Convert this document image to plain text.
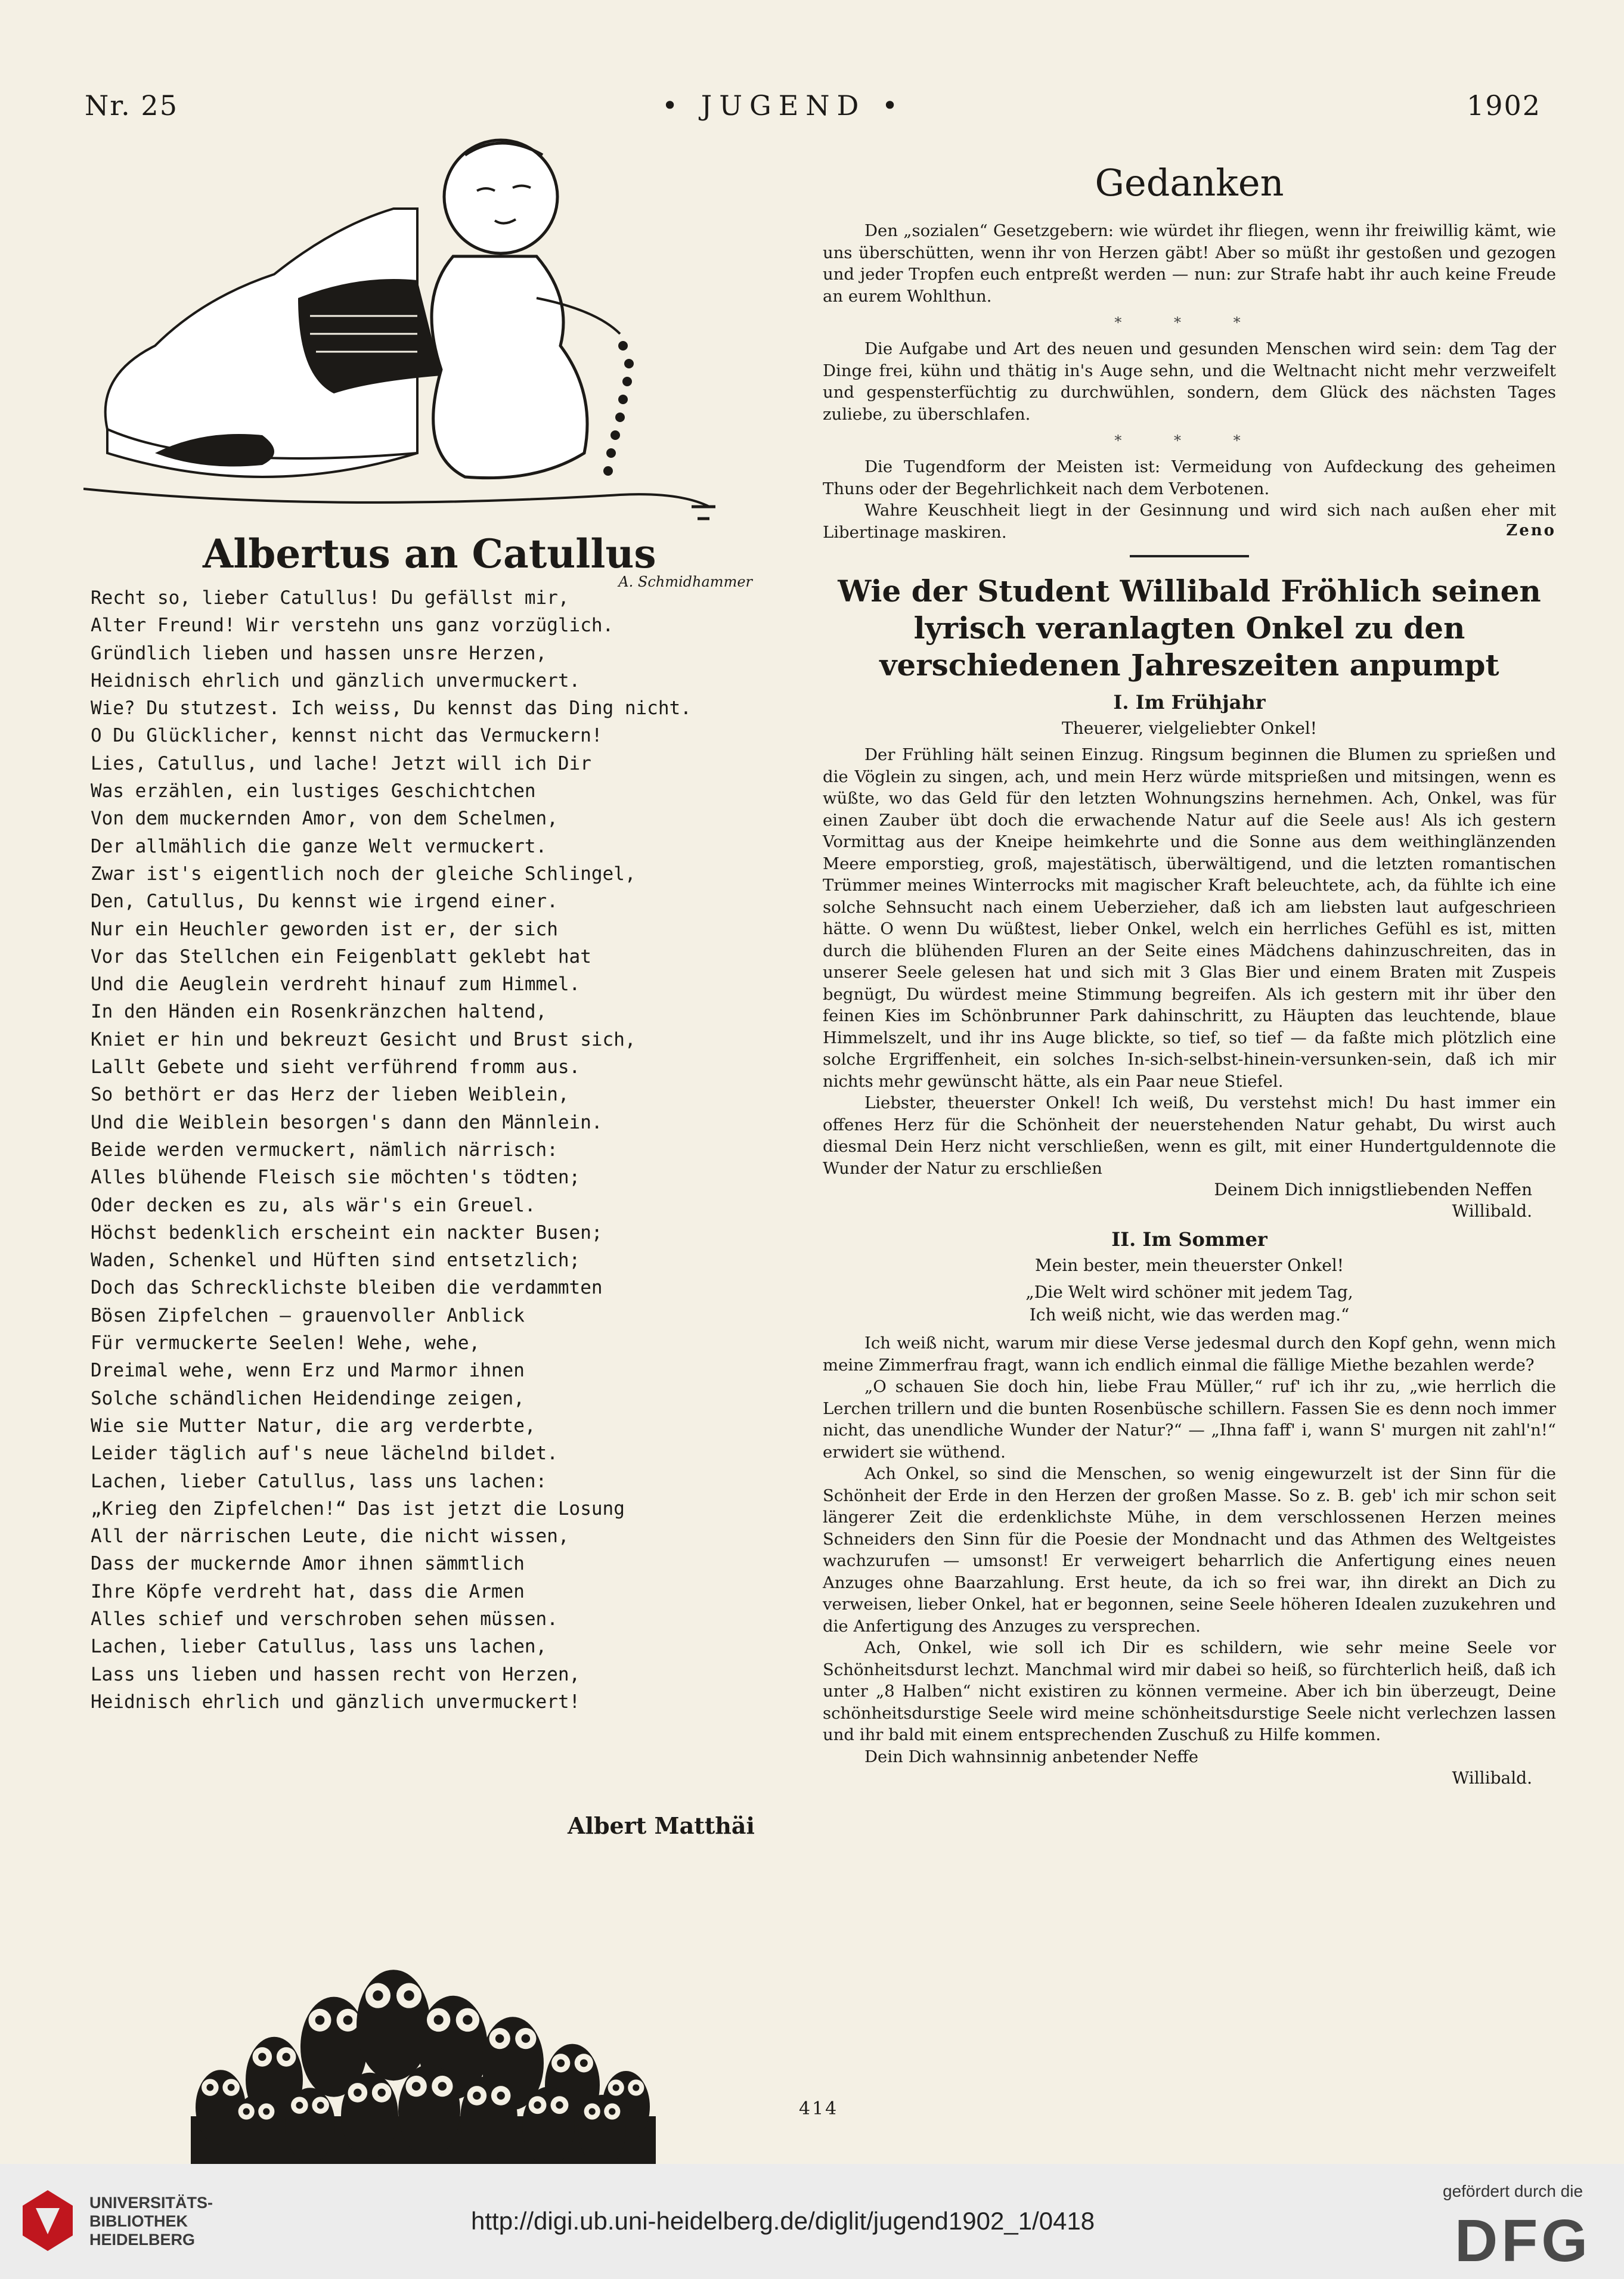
Nr. 25	• JUGEND •	1902
Albertus an Catullus
A. Schmidhammer
Recht so, lieber Catullus! Du gefällst mir,
Alter Freund! Wir verstehn uns ganz vorzüglich.
Gründlich lieben und hassen unsre Herzen,
Heidnisch ehrlich und gänzlich unvermuckert.
Wie? Du stutzest. Ich weiss, Du kennst das Ding nicht.
O Du Glücklicher, kennst nicht das Vermuckern!
Lies, Catullus, und lache! Jetzt will ich Dir
Was erzählen, ein lustiges Geschichtchen
Von dem muckernden Amor, von dem Schelmen,
Der allmählich die ganze Welt vermuckert.
Zwar ist's eigentlich noch der gleiche Schlingel,
Den, Catullus, Du kennst wie irgend einer.
Nur ein Heuchler geworden ist er, der sich
Vor das Stellchen ein Feigenblatt geklebt hat
Und die Aeuglein verdreht hinauf zum Himmel.
In den Händen ein Rosenkränzchen haltend,
Kniet er hin und bekreuzt Gesicht und Brust sich,
Lallt Gebete und sieht verführend fromm aus.
So bethört er das Herz der lieben Weiblein,
Und die Weiblein besorgen's dann den Männlein.
Beide werden vermuckert, nämlich närrisch:
Alles blühende Fleisch sie möchten's tödten;
Oder decken es zu, als wär's ein Greuel.
Höchst bedenklich erscheint ein nackter Busen;
Waden, Schenkel und Hüften sind entsetzlich;
Doch das Schrecklichste bleiben die verdammten
Bösen Zipfelchen — grauenvoller Anblick
Für vermuckerte Seelen! Wehe, wehe,
Dreimal wehe, wenn Erz und Marmor ihnen
Solche schändlichen Heidendinge zeigen,
Wie sie Mutter Natur, die arg verderbte,
Leider täglich auf's neue lächelnd bildet.
Lachen, lieber Catullus, lass uns lachen:
„Krieg den Zipfelchen!“ Das ist jetzt die Losung
All der närrischen Leute, die nicht wissen,
Dass der muckernde Amor ihnen sämmtlich
Ihre Köpfe verdreht hat, dass die Armen
Alles schief und verschroben sehen müssen.
Lachen, lieber Catullus, lass uns lachen,
Lass uns lieben und hassen recht von Herzen,
Heidnisch ehrlich und gänzlich unvermuckert!
Albert Matthäi
Gedanken

Den „sozialen“ Gesetzgebern: wie würdet ihr fliegen, wenn ihr freiwillig kämt, wie uns überschütten, wenn ihr von Herzen gäbt! Aber so müßt ihr gestoßen und gezogen und jeder Tropfen euch entpreßt werden — nun: zur Strafe habt ihr auch keine Freude an eurem Wohlthun.

* * *

Die Aufgabe und Art des neuen und gesunden Menschen wird sein: dem Tag der Dinge frei, kühn und thätig in's Auge sehn, und die Weltnacht nicht mehr verzweifelt und gespensterfüchtig zu durchwühlen, sondern, dem Glück des nächsten Tages zuliebe, zu überschlafen.

* * *

Die Tugendform der Meisten ist: Vermeidung von Aufdeckung des geheimen Thuns oder der Begehrlichkeit nach dem Verbotenen.

Wahre Keuschheit liegt in der Gesinnung und wird sich nach außen eher mit Libertinage maskiren.	Zeno
Wie der Student Willibald Fröhlich seinen lyrisch veranlagten Onkel zu den verschiedenen Jahreszeiten anpumpt
I. Im Frühjahr
Theuerer, vielgeliebter Onkel!

Der Frühling hält seinen Einzug. Ringsum beginnen die Blumen zu sprießen und die Vöglein zu singen, ach, und mein Herz würde mitsprießen und mitsingen, wenn es wüßte, wo das Geld für den letzten Wohnungszins hernehmen. Ach, Onkel, was für einen Zauber übt doch die erwachende Natur auf die Seele aus! Als ich gestern Vormittag aus der Kneipe heimkehrte und die Sonne aus dem weithinglänzenden Meere emporstieg, groß, majestätisch, überwältigend, und die letzten romantischen Trümmer meines Winterrocks mit magischer Kraft beleuchtete, ach, da fühlte ich eine solche Sehnsucht nach einem Ueberzieher, daß ich am liebsten laut aufgeschrieen hätte. O wenn Du wüßtest, lieber Onkel, welch ein herrliches Gefühl es ist, mitten durch die blühenden Fluren an der Seite eines Mädchens dahinzuschreiten, das in unserer Seele gelesen hat und sich mit 3 Glas Bier und einem Braten mit Zuspeis begnügt, Du würdest meine Stimmung begreifen. Als ich gestern mit ihr über den feinen Kies im Schönbrunner Park dahinschritt, zu Häupten das leuchtende, blaue Himmelszelt, und ihr ins Auge blickte, so tief, so tief — da faßte mich plötzlich eine solche Ergriffenheit, ein solches In-sich-selbst-hinein-versunken-sein, daß ich mir nichts mehr gewünscht hätte, als ein Paar neue Stiefel.

Liebster, theuerster Onkel! Ich weiß, Du verstehst mich! Du hast immer ein offenes Herz für die Schönheit der neuerstehenden Natur gehabt, Du wirst auch diesmal Dein Herz nicht verschließen, wenn es gilt, mit einer Hundertguldennote die Wunder der Natur zu erschließen

Deinem Dich innigstliebenden Neffen

Willibald.

II. Im Sommer
Mein bester, mein theuerster Onkel!
„Die Welt wird schöner mit jedem Tag,
Ich weiß nicht, wie das werden mag.“

Ich weiß nicht, warum mir diese Verse jedesmal durch den Kopf gehn, wenn mich meine Zimmerfrau fragt, wann ich endlich einmal die fällige Miethe bezahlen werde?

„O schauen Sie doch hin, liebe Frau Müller,“ ruf' ich ihr zu, „wie herrlich die Lerchen trillern und die bunten Rosenbüsche schillern. Fassen Sie es denn noch immer nicht, das unendliche Wunder der Natur?“ — „Ihna faff' i, wann S' murgen nit zahl'n!“ erwidert sie wüthend.

Ach Onkel, so sind die Menschen, so wenig eingewurzelt ist der Sinn für die Schönheit der Erde in den Herzen der großen Masse. So z. B. geb' ich mir schon seit längerer Zeit die erdenklichste Mühe, in dem verschlossenen Herzen meines Schneiders den Sinn für die Poesie der Mondnacht und das Athmen des Weltgeistes wachzurufen — umsonst! Er verweigert beharrlich die Anfertigung eines neuen Anzuges ohne Baarzahlung. Erst heute, da ich so frei war, ihn direkt an Dich zu verweisen, lieber Onkel, hat er begonnen, seine Seele höheren Idealen zuzukehren und die Anfertigung des Anzuges zu versprechen.

Ach, Onkel, wie soll ich Dir es schildern, wie sehr meine Seele vor Schönheitsdurst lechzt. Manchmal wird mir dabei so heiß, so fürchterlich heiß, daß ich unter „8 Halben“ nicht existiren zu können vermeine. Aber ich bin überzeugt, Deine schönheitsdurstige Seele wird meine schönheitsdurstige Seele nicht verlechzen lassen und ihr bald mit einem entsprechenden Zuschuß zu Hilfe kommen.

Dein Dich wahnsinnig anbetender Neffe

Willibald.

414
UNIVERSITÄTS-
BIBLIOTHEK
HEIDELBERG
http://digi.ub.uni-heidelberg.de/diglit/jugend1902_1/0418
gefördert durch die
DFG
